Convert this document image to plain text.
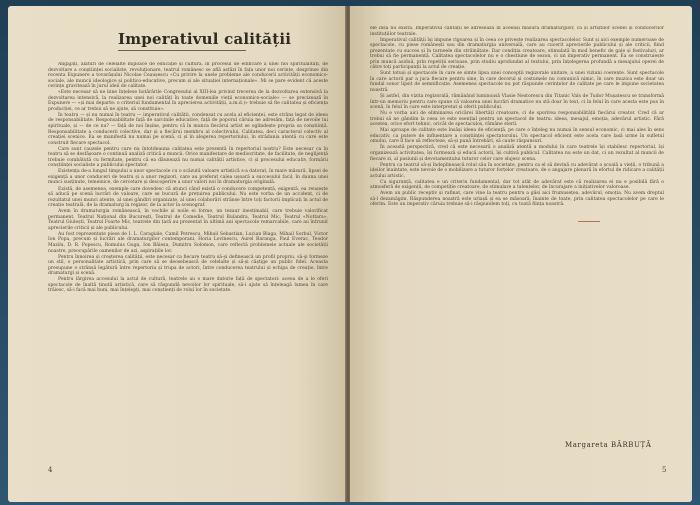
Imperativul calității

Angajați, alături de celelalte mijloace de educație și cultură, în procesul de edificare a unei noi spiritualități, de dezvoltare a conștiinței socialiste, revoluționare, teatrul românesc se află astăzi în fața unor noi cerințe, desprinse din recenta Expunere a tovarășului Nicolae Ceaușescu «Cu privire la unele probleme ale conducerii activității economico-sociale, ale muncii ideologice și politico-educative, precum și ale situației internaționale». Mi se pare evident că aceste cerințe gravitează în jurul ideii de calitate.

«Este necesar să ne bine înțelese hotărârile Congresului al XIII-lea privind trecerea de la dezvoltarea extensivă la dezvoltarea intensivă, la realizarea unei noi calități în toate domeniile vieții economico-sociale» — se precizează în Expunere — «și mai departe: o criteriul fundamental în aprecierea activității, a.m.d.)» trebuie să fie calitatea și eficiența producției, ce ar trebui să ne ajute, să constituie».

În teatru — și nu numai în teatru — imperativul calității, condensat cu acela al eficienței, este strâns legat de ideea de responsabilitate. Responsabilitate față de sarcinile educative, față de poporul căruia ne adresăm, față de nevoile lui spirituale, și — de ce nu? — față de noi înșine, pentru că în munca fiecărui artist se oglindește propria sa conștiință. Responsabilitate a conducerii colective, dar și a fiecărui membru al colectivului. Calitatea, deci caracterul colectiv al creației scenice. Ea se manifestă nu numai pe scenă, ci și în alegerea repertoriului, în strădania atentă cu care este construit fiecare spectacol.

Care sunt cauzele pentru care nu întotdeauna calitatea este prezentă în repertoriul nostru? Este necesar ca în teatru să se desfășoare o continuă analiză critică a muncii. Orice manifestare de mediocritate, de facilitate, de neglijență trebuie combătută cu fermitate, pentru că ea dăunează nu numai calității artistice, ci și procesului educativ, formării conștiinței socialiste a publicului spectator.

Existența de-a lungul timpului a unor spectacole cu o scăzută valoare artistică s-a datorat, în mare măsură, lipsei de exigență a unor conduceri de teatru și a unor regizori, care au preferat calea ușoară a succesului facil, în dauna unei munci susținute, temeinice, de cercetare și descoperire a unor valori noi în dramaturgia originală.

Există, de asemenea, exemple care dovedesc că atunci când există o conducere competentă, exigentă, ea reușește să aducă pe scenă lucrări de valoare, care se bucură de prețuirea publicului. Nu este vorba de un accident, ci de rezultatul unei munci atente, al unei gândiri organizate, al unei colaborări strânse între toți factorii implicați în actul de creație teatrală, de la dramaturg la regizor, de la actor la scenograf.

Avem în dramaturgia românească, în vechile și noile ei forme, un tezaur inestimabil, care trebuie valorificat permanent. Teatrul Național din București, Teatrul de Comedie, Teatrul Bulandra, Teatrul Mic, Teatrul «Nottara», Teatrul Giulești, Teatrul Foarte Mic, teatrele din țară au prezentat în ultimii ani spectacole remarcabile, care au întrunit aprecierile criticii și ale publicului.

Au fost reprezentate piese de I. L. Caragiale, Camil Petrescu, Mihail Sebastian, Lucian Blaga, Mihail Sorbul, Victor Ion Popa, precum și lucrări ale dramaturgilor contemporani, Horia Lovinescu, Aurel Baranga, Paul Everac, Teodor Mazilu, D. R. Popescu, Romulus Guga, Ion Băieșu, Dumitru Solomon, care reflectă problemele actuale ale societății noastre, preocupările oamenilor de azi, aspirațiile lor.

Pentru înnoirea și creșterea calității, este necesar ca fiecare teatru să-și definească un profil propriu, să-și formeze un stil, o personalitate artistică, prin care să se deosebească de celelalte și să-și câștige un public fidel. Aceasta presupune o strânsă legătură între repertoriu și trupa de actori, între conducerea teatrului și echipa de creație, între dramaturgi și scenă.

Pentru lărgirea accesului la actul de cultură, teatrele au o mare datorie față de spectatori: aceea de a le oferi spectacole de înaltă ținută artistică, care să răspundă nevoilor lor spirituale, să-i ajute să înțeleagă lumea în care trăiesc, să-i facă mai buni, mai înțelepți, mai conștienți de rolul lor în societate.

4

ele însă nu există. Imperativul calității se adresează în aceeași măsură dramaturgilor, ca și artiștilor scenei și conducerilor instituțiilor teatrale.

Imperativul calității își impune rigoarea și în ceea ce privește realizarea spectacolelor. Sunt și aici exemple numeroase de spectacole, cu piese românești sau din dramaturgia universală, care au cucerit aprecierile publicului și ale criticii, fiind prezentate cu succes și în turneele din străinătate. Dar condiția creatoare, stimulată în mod benefic de gale și festivaluri, ar trebui să fie permanentă. Calitatea spectacolelor nu e o chestiune de sezon, ci un imperativ permanent. Ea se construiește prin muncă asiduă, prin repetiții serioase, prin studiu aprofundat al textului, prin înțelegerea profundă a mesajului operei de către toți participanții la actul de creație.

Sunt totuși și spectacole în care se simte lipsa unei concepții regizorale unitare, a unei viziuni coerente. Sunt spectacole în care actorii par a juca fiecare pentru sine, în care decorul și costumele nu comunică nimic, în care muzica este doar un fundal sonor lipsit de semnificație. Asemenea spectacole nu pot răspunde cerințelor de calitate pe care le impune societatea noastră.

Și astfel, din vizita regizorală, rămânând luminoasă Vlasie Nestorescu din Titanic Vals de Tudor Mușatescu se transformă într-un memoriu pentru care spune că valoarea unei lucrări dramatice nu stă doar în text, ci în felul în care acesta este pus în scenă, în felul în care este interpretat și oferit publicului.

Nu e vorba aici de eliminarea oricărei libertăți creatoare, ci de sporirea responsabilității fiecărui creator. Cred că ar trebui să ne gândim la ceea ce este esențial pentru un spectacol de teatru: ideea, mesajul, emoția, adevărul artistic. Fără acestea, orice efort tehnic, oricât de spectaculos, rămâne steril.

Mai aproape de calitate este însăși ideea de eficiență, pe care o înțeleg nu numai în sensul economic, ci mai ales în sens educativ, ca putere de influențare a conștiinței spectatorului. Un spectacol eficient este acela care lasă urme în sufletul omului, care îl face să reflecteze, să-și pună întrebări, să caute răspunsuri.

În această perspectivă, cred că este necesară o analiză atentă a modului în care teatrele își stabilesc repertoriul, își organizează activitatea, își formează și educă actorii, își cultivă publicul. Calitatea nu este un dat, ci un rezultat al muncii de fiecare zi, al pasiunii și devotamentului tuturor celor care slujesc scena.

Pentru ca teatrul să-și îndeplinească rolul său în societate, pentru ca el să devină cu adevărat o școală a vieții, o tribună a ideilor înaintate, este nevoie de o mobilizare a tuturor forțelor creatoare, de o angajare plenară în efortul de ridicare a calității actului artistic.

Cu siguranță, calitatea e un criteriu fundamental, dar tot atât de adevărat este că realizarea ei nu e posibilă fără o atmosferă de exigență, de competiție creatoare, de stimulare a talentelor, de încurajare a inițiativelor valoroase.

Avem un public receptiv și rafinat, care vine la teatru pentru a găsi aici frumusețea, adevărul, emoția. Nu avem dreptul să-l dezamăgim. Răspunderea noastră este uriașă și ea se măsoară, înainte de toate, prin calitatea spectacolelor pe care le oferim. Este un imperativ căruia trebuie să-i răspundem toți, cu toată ființa noastră.

Margareta BĂRBUȚĂ
5
